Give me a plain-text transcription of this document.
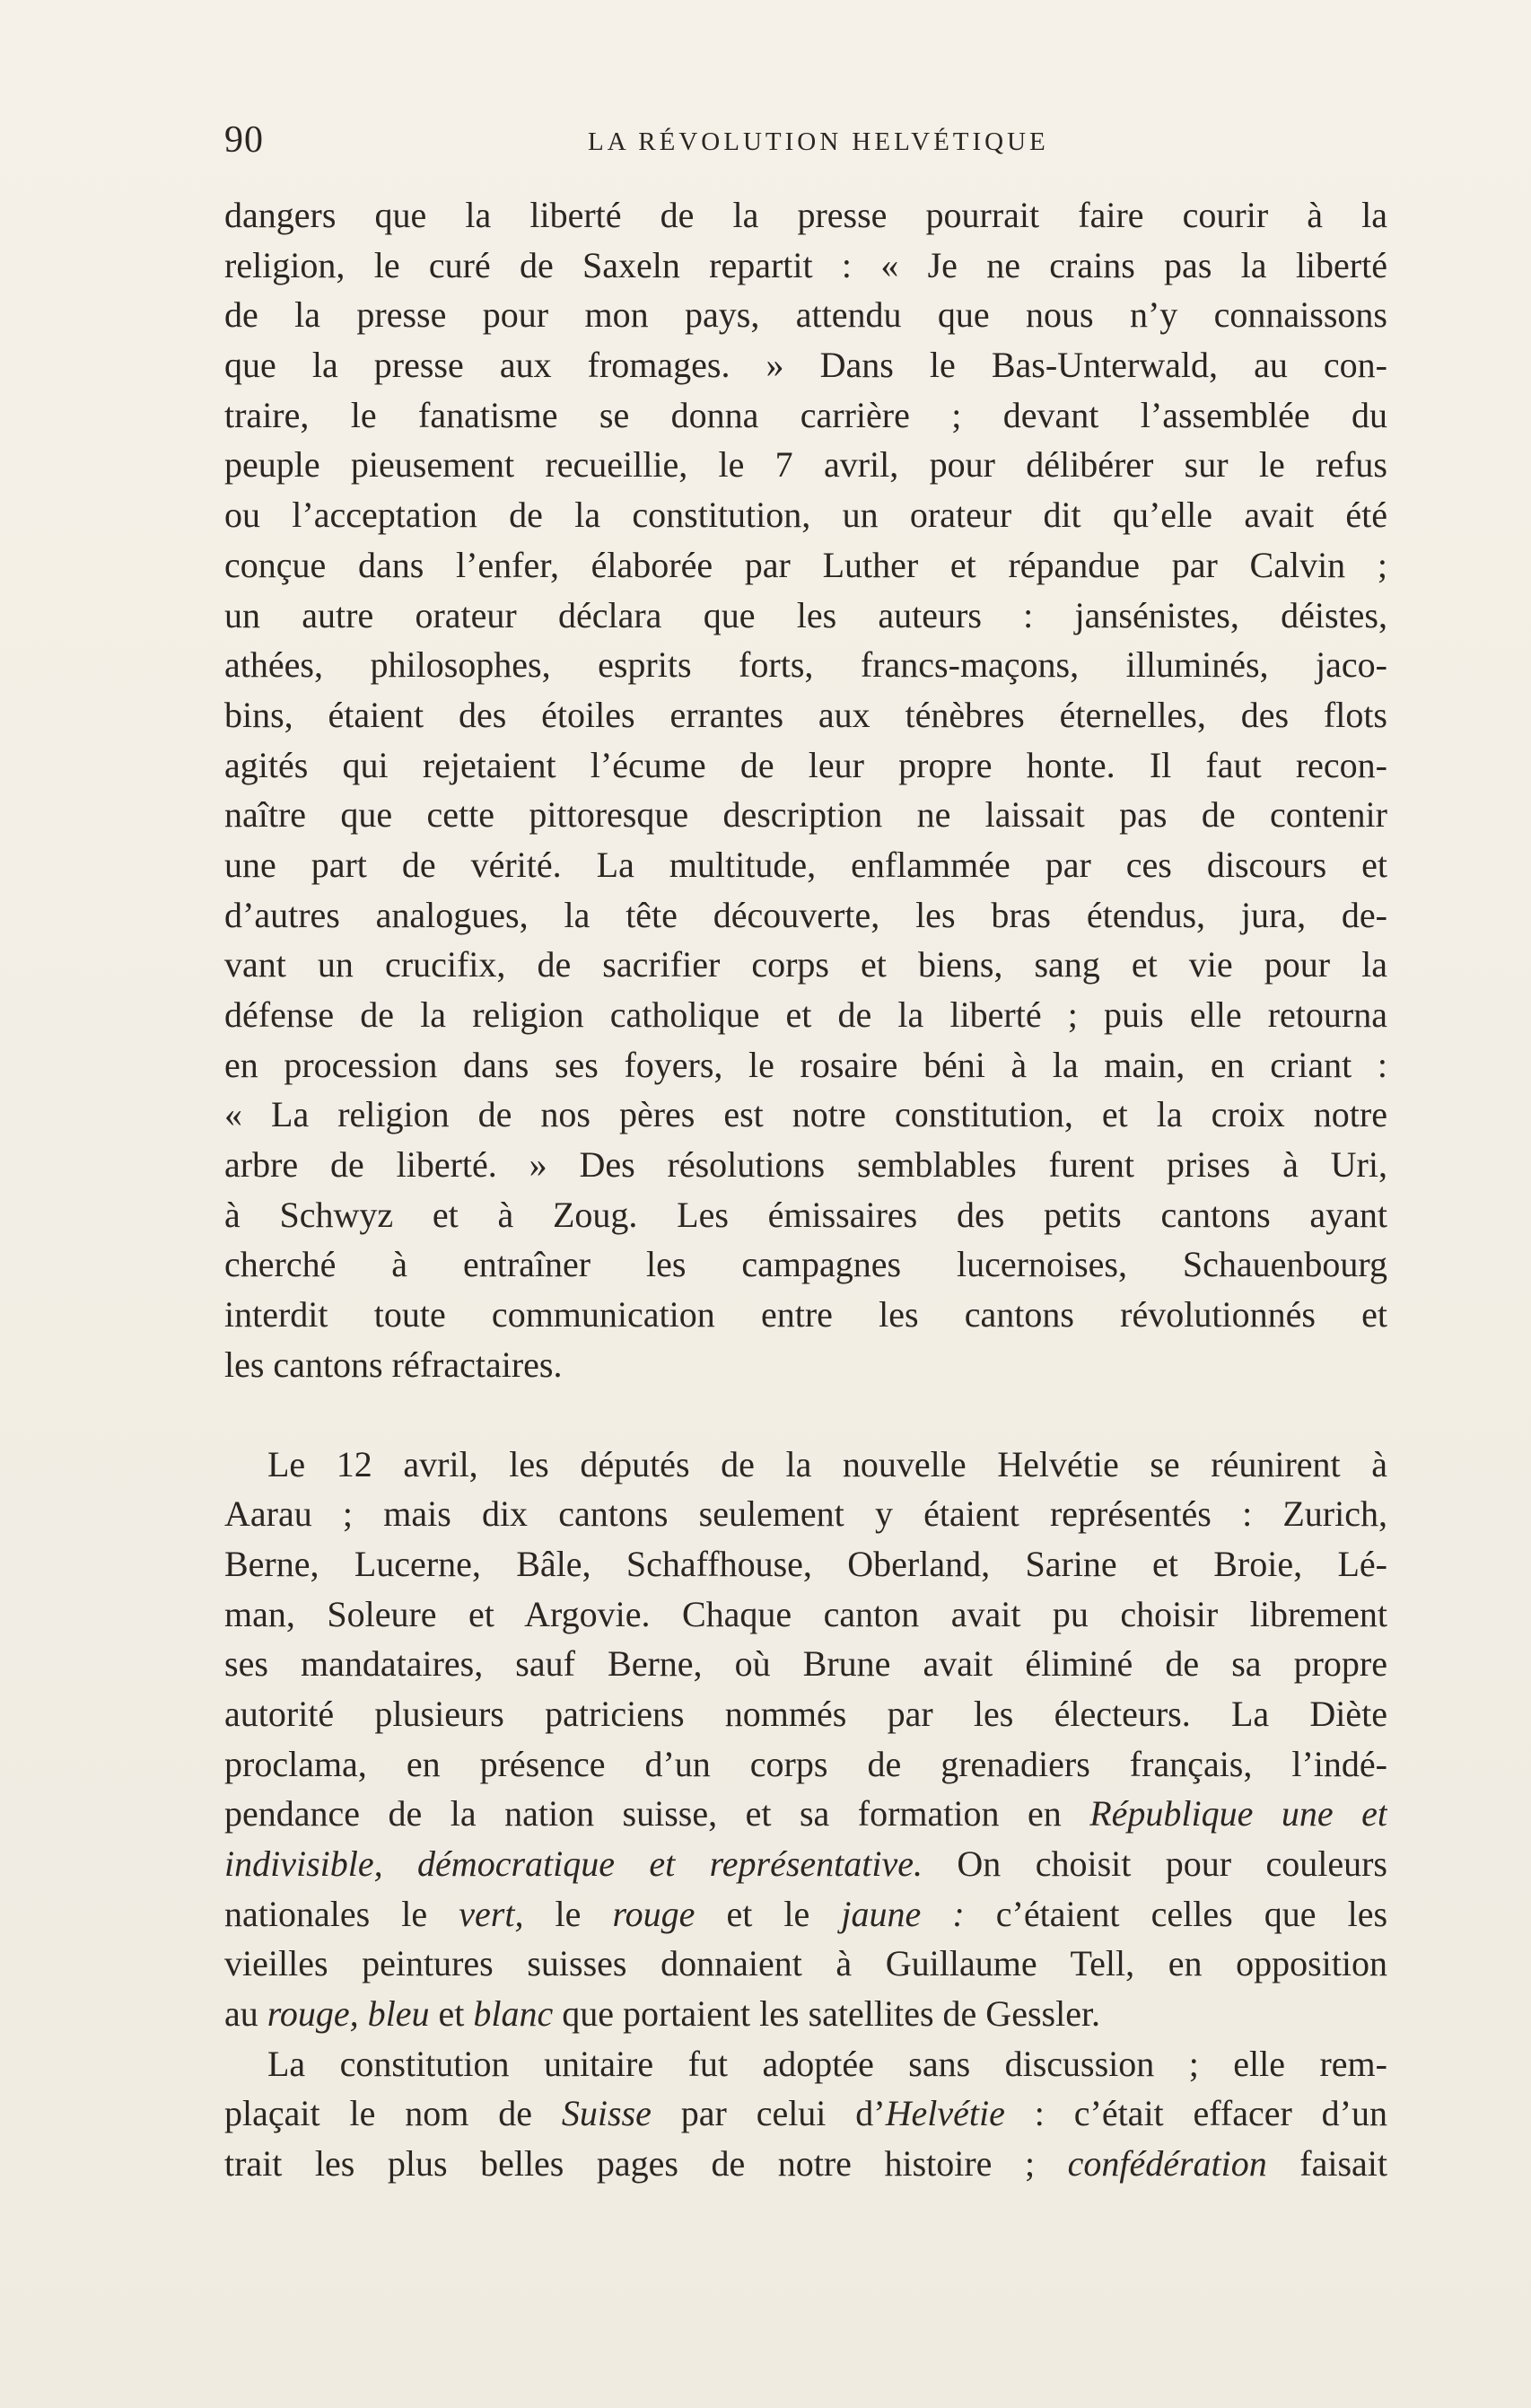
90	LA RÉVOLUTION HELVÉTIQUE
dangers que la liberté de la presse pourrait faire courir à la
religion, le curé de Saxeln repartit : « Je ne crains pas la liberté
de la presse pour mon pays, attendu que nous n’y connaissons
que la presse aux fromages. » Dans le Bas-Unterwald, au con-
traire, le fanatisme se donna carrière ; devant l’assemblée du
peuple pieusement recueillie, le 7 avril, pour délibérer sur le refus
ou l’acceptation de la constitution, un orateur dit qu’elle avait été
conçue dans l’enfer, élaborée par Luther et répandue par Calvin ;
un autre orateur déclara que les auteurs : jansénistes, déistes,
athées, philosophes, esprits forts, francs-maçons, illuminés, jaco-
bins, étaient des étoiles errantes aux ténèbres éternelles, des flots
agités qui rejetaient l’écume de leur propre honte. Il faut recon-
naître que cette pittoresque description ne laissait pas de contenir
une part de vérité. La multitude, enflammée par ces discours et
d’autres analogues, la tête découverte, les bras étendus, jura, de-
vant un crucifix, de sacrifier corps et biens, sang et vie pour la
défense de la religion catholique et de la liberté ; puis elle retourna
en procession dans ses foyers, le rosaire béni à la main, en criant :
« La religion de nos pères est notre constitution, et la croix notre
arbre de liberté. » Des résolutions semblables furent prises à Uri,
à Schwyz et à Zoug. Les émissaires des petits cantons ayant
cherché à entraîner les campagnes lucernoises, Schauenbourg
interdit toute communication entre les cantons révolutionnés et
les cantons réfractaires.
Le 12 avril, les députés de la nouvelle Helvétie se réunirent à
Aarau ; mais dix cantons seulement y étaient représentés : Zurich,
Berne, Lucerne, Bâle, Schaffhouse, Oberland, Sarine et Broie, Lé-
man, Soleure et Argovie. Chaque canton avait pu choisir librement
ses mandataires, sauf Berne, où Brune avait éliminé de sa propre
autorité plusieurs patriciens nommés par les électeurs. La Diète
proclama, en présence d’un corps de grenadiers français, l’indé-
pendance de la nation suisse, et sa formation en République une et
indivisible, démocratique et représentative. On choisit pour couleurs
nationales le vert, le rouge et le jaune : c’étaient celles que les
vieilles peintures suisses donnaient à Guillaume Tell, en opposition
au rouge, bleu et blanc que portaient les satellites de Gessler.
La constitution unitaire fut adoptée sans discussion ; elle rem-
plaçait le nom de Suisse par celui d’Helvétie : c’était effacer d’un
trait les plus belles pages de notre histoire ; confédération faisait
